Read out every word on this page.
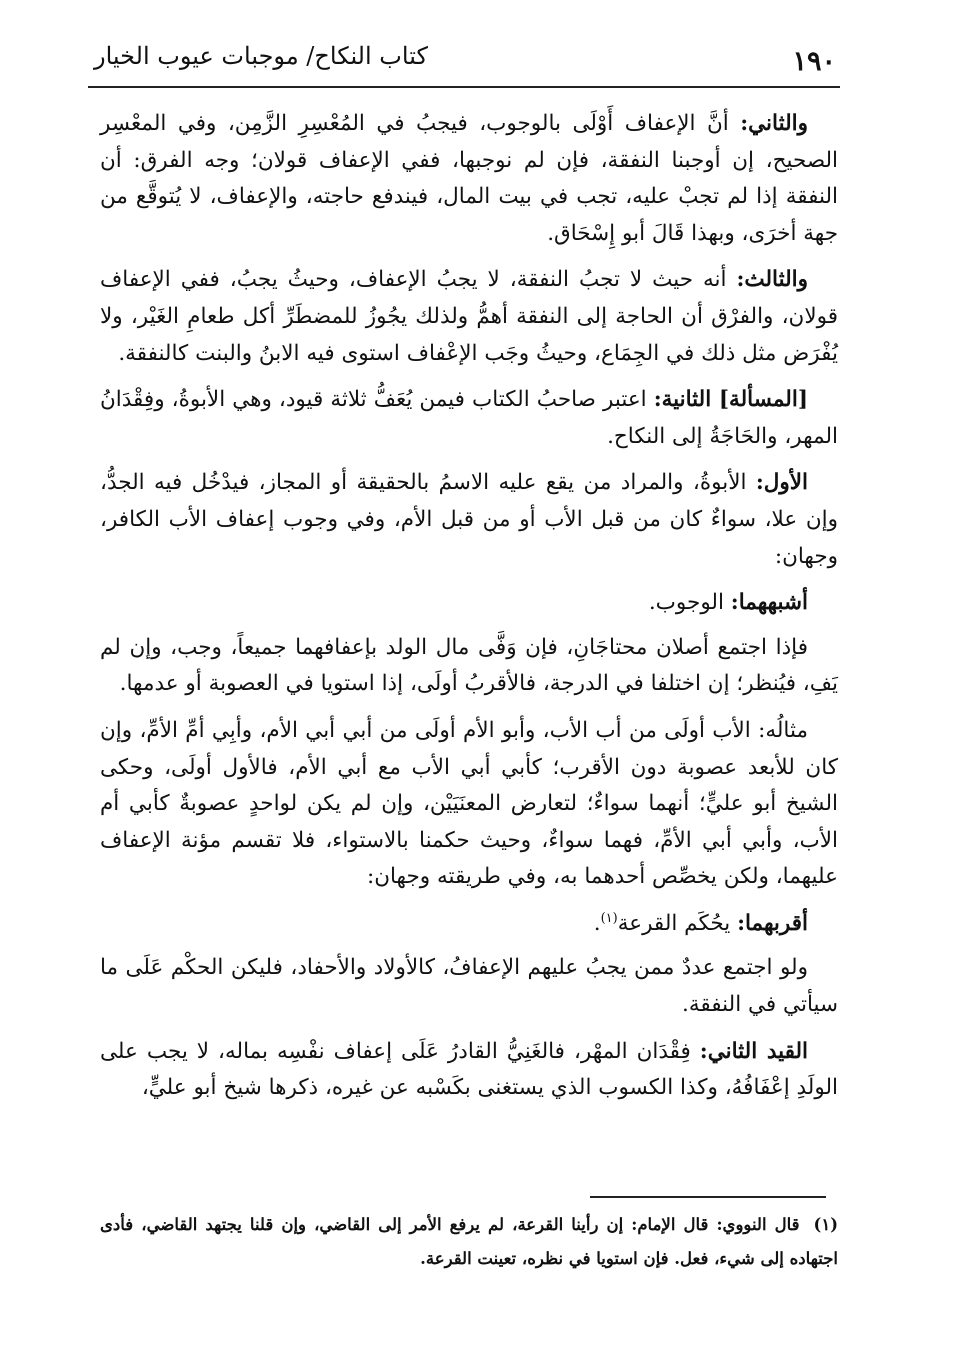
١٩٠
كتاب النكاح/ موجبات عيوب الخيار

والثاني: أنَّ الإعفاف أَوْلَى بالوجوب، فيجبُ في المُعْسِرِ الزَّمِن، وفي المعْسِر الصحيح، إن أوجبنا النفقة، فإن لم نوجبها، ففي الإعفاف قولان؛ وجه الفرق: أن النفقة إذا لم تجبْ عليه، تجب في بيت المال، فيندفع حاجته، والإعفاف، لا يُتوقَّع من جهة أخرَى، وبهذا قَالَ أبو إِسْحَاق.

والثالث: أنه حيث لا تجبُ النفقة، لا يجبُ الإعفاف، وحيثُ يجبُ، ففي الإعفاف قولان، والفرْق أن الحاجة إلى النفقة أهمُّ ولذلك يجُوزُ للمضطَرِّ أكل طعامِ الغَيْر، ولا يُفْرَض مثل ذلك في الجِمَاع، وحيثُ وجَب الإعْفاف استوى فيه الابنُ والبنت كالنفقة.

[المسألة] الثانية: اعتبر صاحبُ الكتاب فيمن يُعَفُّ ثلاثة قيود، وهي الأبوةُ، وفِقْدَانُ المهر، والحَاجَةُ إلى النكاح.

الأول: الأبوةُ، والمراد من يقع عليه الاسمُ بالحقيقة أو المجاز، فيدْخُل فيه الجدُّ، وإن علا، سواءٌ كان من قبل الأب أو من قبل الأم، وفي وجوب إعفاف الأب الكافر، وجهان:

أشبههما: الوجوب.

فإذا اجتمع أصلان محتاجَانِ، فإن وَفَّى مال الولد بإعفافهما جميعاً، وجب، وإن لم يَفِ، فيُنظر؛ إن اختلفا في الدرجة، فالأقربُ أولَى، إذا استويا في العصوبة أو عدمها.

مثالُه: الأب أولَى من أب الأب، وأبو الأم أولَى من أبي أبي الأم، وأبِي أمِّ الأمِّ، وإن كان للأبعد عصوبة دون الأقرب؛ كأبي أبي الأب مع أبي الأم، فالأول أولَى، وحكى الشيخ أبو عليٍّ؛ أنهما سواءٌ؛ لتعارض المعنَيَيْن، وإن لم يكن لواحدٍ عصوبةٌ كأبي أم الأب، وأبي أبي الأمِّ، فهما سواءٌ، وحيث حكمنا بالاستواء، فلا تقسم مؤنة الإعفاف عليهما، ولكن يخصِّص أحدهما به، وفي طريقته وجهان:

أقربهما: يحُكَم القرعة$^{(١)}$.

ولو اجتمع عددٌ ممن يجبُ عليهم الإعفافُ، كالأولاد والأحفاد، فليكن الحكْم عَلَى ما سيأتي في النفقة.

القيد الثاني: فِقْدَان المهْر، فالغَنِيُّ القادرُ عَلَى إعفاف نفْسِه بماله، لا يجب على الولَدِ إعْفَافُهُ، وكذا الكسوب الذي يستغنى بكَسْبه عن غيره، ذكرها شيخ أبو عليٍّ،

(١)قال النووي: قال الإمام: إن رأينا القرعة، لم يرفع الأمر إلى القاضي، وإن قلنا يجتهد القاضي، فأدى اجتهاده إلى شيء، فعل. فإن استويا في نظره، تعينت القرعة.
